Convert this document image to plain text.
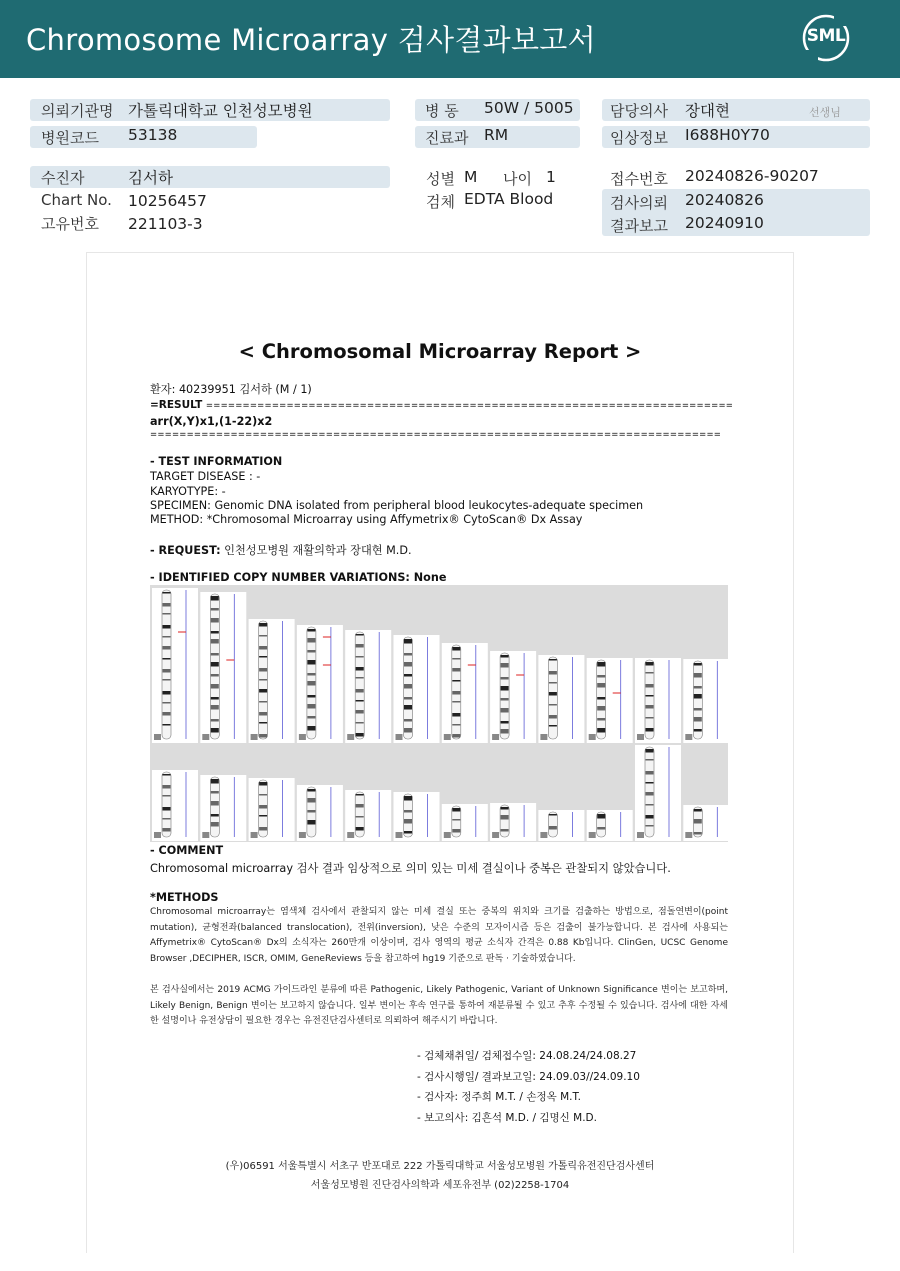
Chromosome Microarray 검사결과보고서	SML
의뢰기관명 가톨릭대학교 인천성모병원
병원코드 53138
병 동 50W / 5005
진료과 RM
담당의사 장대현	선생님
임상정보 I688H0Y70
수진자	김서하
Chart No. 10256457
고유번호 221103-3
성별 M 나이 1
검체 EDTA Blood
접수번호 20240826-90207
검사의뢰 20240826
결과보고 20240910
< Chromosomal Microarray Report >
환자: 40239951 김서하 (M / 1)
=RESULT ========================================================================
arr(X,Y)x1,(1-22)x2
==============================================================================
- TEST INFORMATION
TARGET DISEASE : -
KARYOTYPE: -
SPECIMEN: Genomic DNA isolated from peripheral blood leukocytes-adequate specimen
METHOD: *Chromosomal Microarray using Affymetrix® CytoScan® Dx Assay
- REQUEST: 인천성모병원 재활의학과 장대현 M.D.
- IDENTIFIED COPY NUMBER VARIATIONS: None
- COMMENT
Chromosomal microarray 검사 결과 임상적으로 의미 있는 미세 결실이나 중복은 관찰되지 않았습니다.
*METHODS
Chromosomal microarray는 염색체 검사에서 관찰되지 않는 미세 결실 또는 중복의 위치와 크기를 검출하는 방법으로, 점돌연변이(point mutation), 균형전좌(balanced translocation), 전위(inversion), 낮은 수준의 모자이시즘 등은 검출이 불가능합니다. 본 검사에 사용되는 Affymetrix® CytoScan® Dx의 소식자는 260만개 이상이며, 검사 영역의 평균 소식자 간격은 0.88 Kb입니다. ClinGen, UCSC Genome Browser ,DECIPHER, ISCR, OMIM, GeneReviews 등을 참고하여 hg19 기준으로 판독 · 기술하였습니다.
본 검사실에서는 2019 ACMG 가이드라인 분류에 따른 Pathogenic, Likely Pathogenic, Variant of Unknown Significance 변이는 보고하며, Likely Benign, Benign 변이는 보고하지 않습니다. 일부 변이는 후속 연구를 통하여 재분류될 수 있고 추후 수정될 수 있습니다. 검사에 대한 자세한 설명이나 유전상담이 필요한 경우는 유전진단검사센터로 의뢰하여 해주시기 바랍니다.
- 검체채취일/ 검체접수일: 24.08.24/24.08.27
- 검사시행일/ 결과보고일: 24.09.03//24.09.10
- 검사자: 정주희 M.T. / 손정옥 M.T.
- 보고의사: 김흔석 M.D. / 김명신 M.D.
(우)06591 서울특별시 서초구 반포대로 222 가톨릭대학교 서울성모병원 가톨릭유전진단검사센터
서울성모병원 진단검사의학과 세포유전부 (02)2258-1704
